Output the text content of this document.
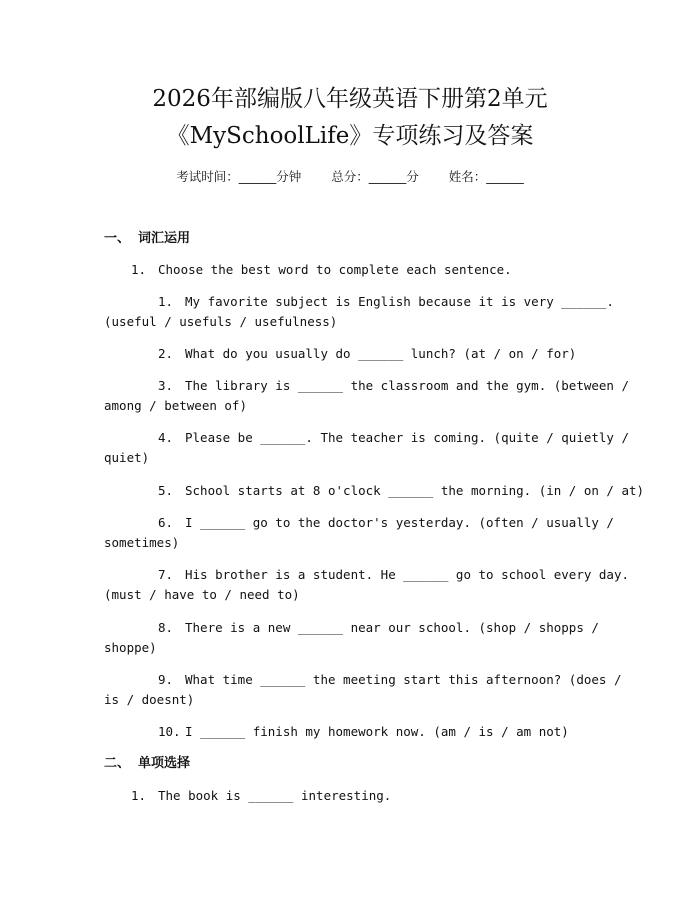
2026年部编版八年级英语下册第2单元
《MySchoolLife》专项练习及答案
考试时间：______分钟 总分：______分 姓名：______
一、 词汇运用
1. Choose the best word to complete each sentence.
1. My favorite subject is English because it is very ______.
(useful / usefuls / usefulness)
2. What do you usually do ______ lunch? (at / on / for)
3. The library is ______ the classroom and the gym. (between /
among / between of)
4. Please be ______. The teacher is coming. (quite / quietly /
quiet)
5. School starts at 8 o'clock ______ the morning. (in / on / at)
6. I ______ go to the doctor's yesterday. (often / usually /
sometimes)
7. His brother is a student. He ______ go to school every day.
(must / have to / need to)
8. There is a new ______ near our school. (shop / shopps /
shoppe)
9. What time ______ the meeting start this afternoon? (does /
is / doesnt)
10. I ______ finish my homework now. (am / is / am not)
二、 单项选择
1. The book is ______ interesting.
